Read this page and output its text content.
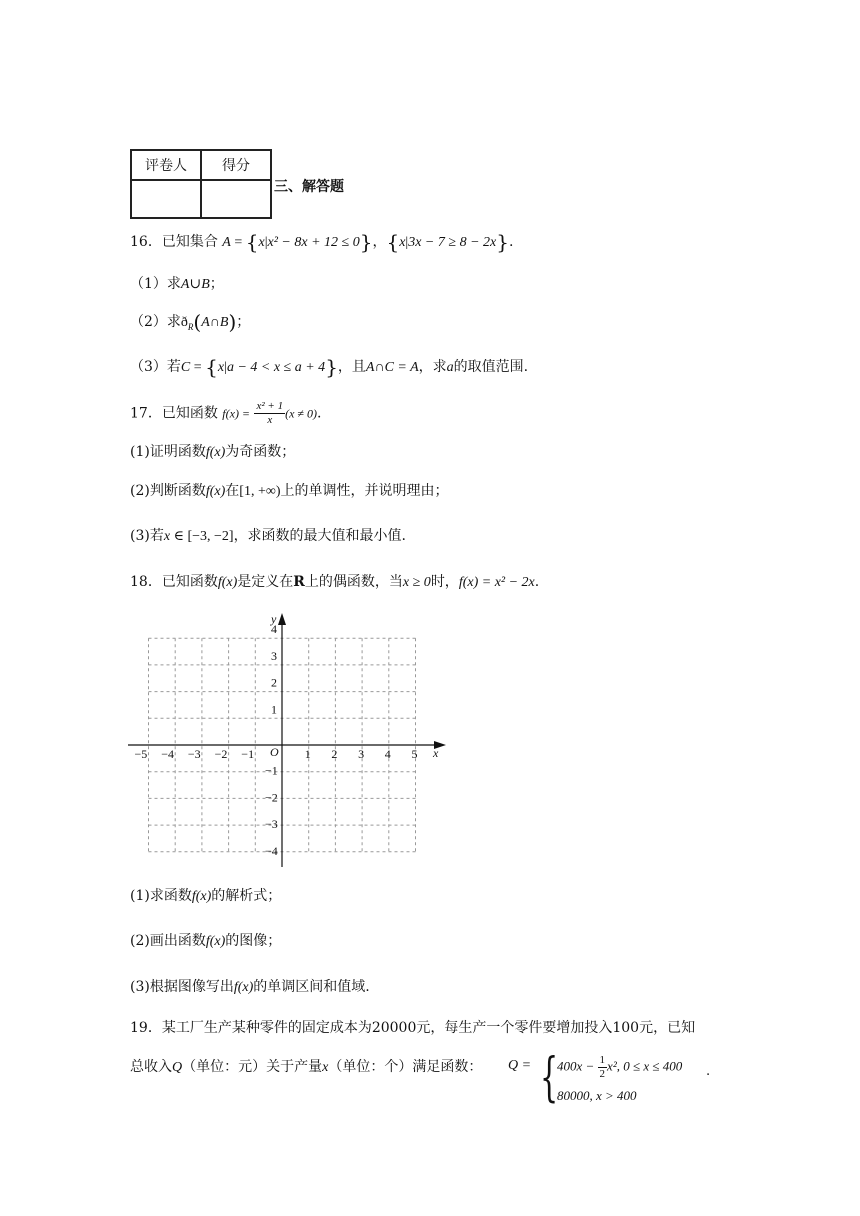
评卷人	得分

三、解答题
16．已知集合 A = {x|x² − 8x + 12 ≤ 0}，{x|3x − 7 ≥ 8 − 2x}.
（1）求A∪B；
（2）求$ð_R(A\cap B)$；
（3）若C = {x|a − 4 < x ≤ a + 4}，且A∩C = A，求a的取值范围.
17．已知函数 $f(x) = \frac{\text{x² + 1}}{x} (x \ne 0)$.
(1)证明函数f(x)为奇函数；
(2)判断函数f(x)在[1, +∞)上的单调性，并说明理由；
(3)若x ∈ [−3, −2]，求函数的最大值和最小值.
18．已知函数f(x)是定义在R上的偶函数，当x ≥ 0时，f(x) = x² − 2x.
x
y
O
−5 −4 −3 −2 −1	1 2 3 4 5
4
3
2
1
−1
−2
−3
−4
(1)求函数f(x)的解析式；
(2)画出函数f(x)的图像；
(3)根据图像写出f(x)的单调区间和值域.
19．某工厂生产某种零件的固定成本为20000元，每生产一个零件要增加投入100元，已知
总收入Q（单位：元）关于产量x（单位：个）满足函数： Q = {
$400x - \frac{1}{2} x^2$, 0 ≤ x ≤ 400
80000, x > 400
.
